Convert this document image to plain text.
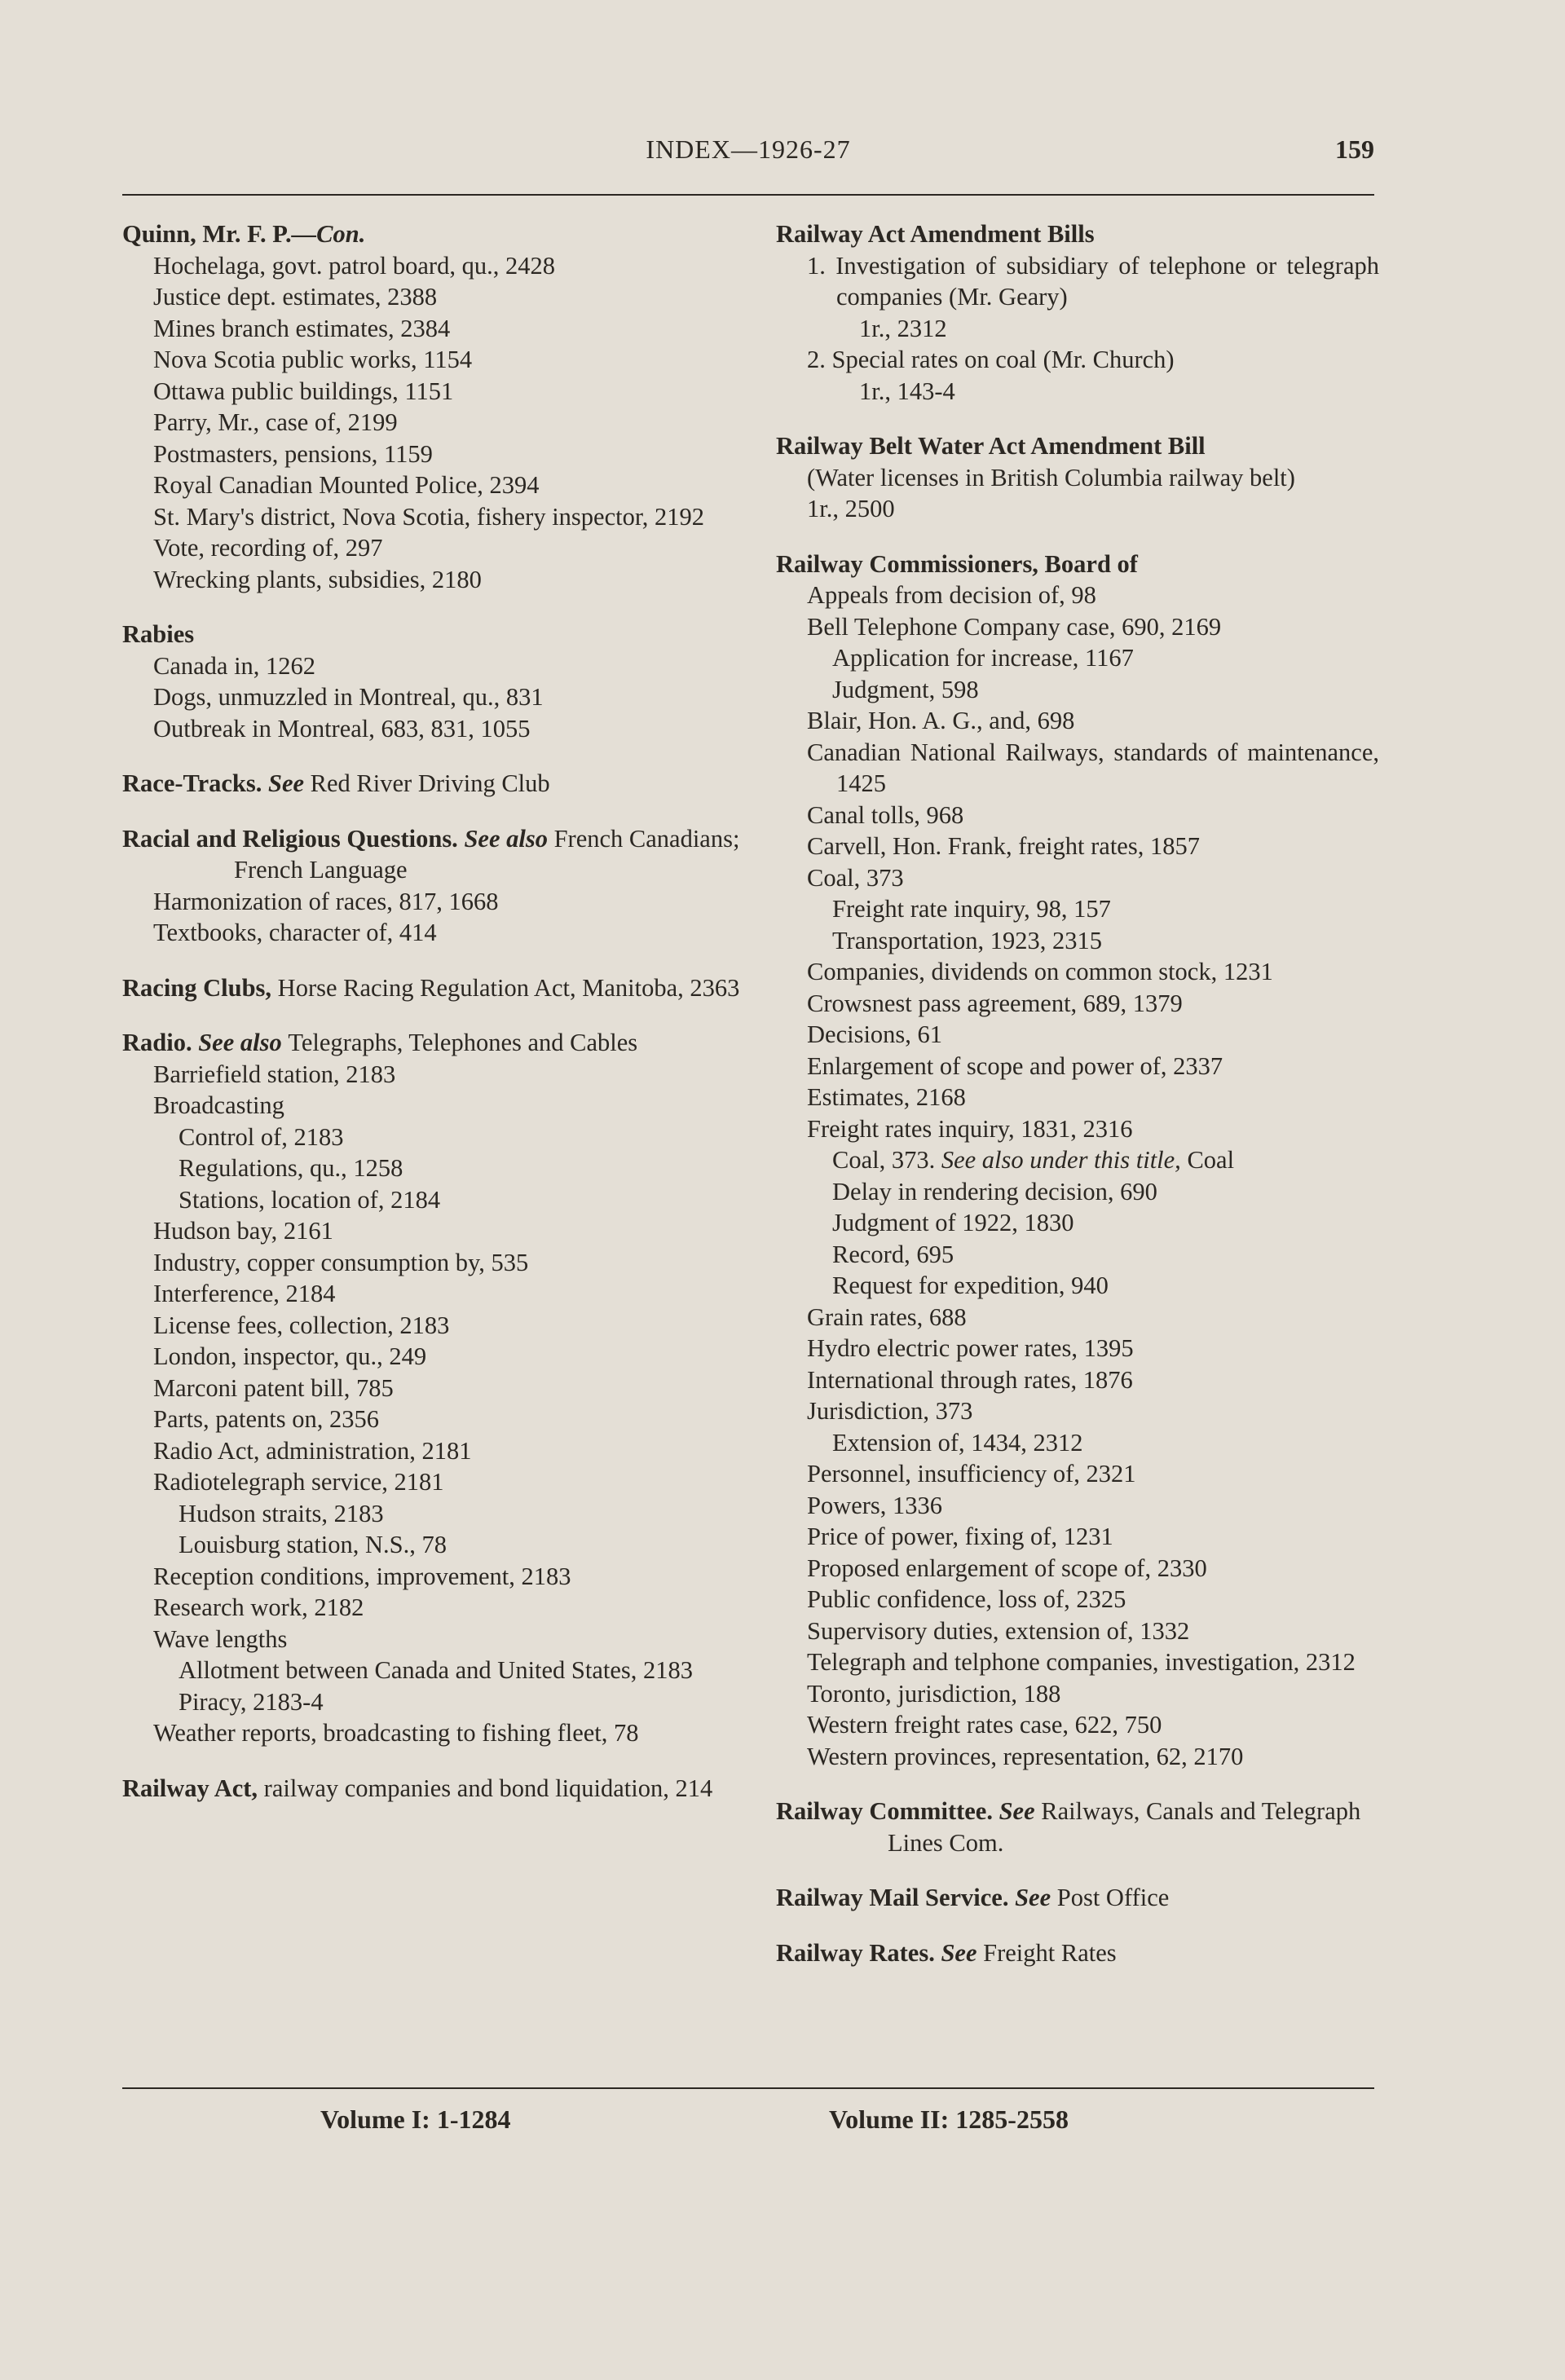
INDEX—1926-27	159
Quinn, Mr. F. P.—Con.
Hochelaga, govt. patrol board, qu., 2428
Justice dept. estimates, 2388
Mines branch estimates, 2384
Nova Scotia public works, 1154
Ottawa public buildings, 1151
Parry, Mr., case of, 2199
Postmasters, pensions, 1159
Royal Canadian Mounted Police, 2394
St. Mary's district, Nova Scotia, fishery inspector, 2192
Vote, recording of, 297
Wrecking plants, subsidies, 2180
Rabies
Canada in, 1262
Dogs, unmuzzled in Montreal, qu., 831
Outbreak in Montreal, 683, 831, 1055
Race-Tracks. See Red River Driving Club
Racial and Religious Questions. See also French Canadians; French Language
Harmonization of races, 817, 1668
Textbooks, character of, 414
Racing Clubs, Horse Racing Regulation Act, Manitoba, 2363
Radio. See also Telegraphs, Telephones and Cables
Barriefield station, 2183
Broadcasting
Control of, 2183
Regulations, qu., 1258
Stations, location of, 2184
Hudson bay, 2161
Industry, copper consumption by, 535
Interference, 2184
License fees, collection, 2183
London, inspector, qu., 249
Marconi patent bill, 785
Parts, patents on, 2356
Radio Act, administration, 2181
Radiotelegraph service, 2181
Hudson straits, 2183
Louisburg station, N.S., 78
Reception conditions, improvement, 2183
Research work, 2182
Wave lengths
Allotment between Canada and United States, 2183
Piracy, 2183-4
Weather reports, broadcasting to fishing fleet, 78
Railway Act, railway companies and bond liquidation, 214
Railway Act Amendment Bills
1. Investigation of subsidiary of telephone or telegraph companies (Mr. Geary)
1r., 2312
2. Special rates on coal (Mr. Church)
1r., 143-4
Railway Belt Water Act Amendment Bill
(Water licenses in British Columbia railway belt)
1r., 2500
Railway Commissioners, Board of
Appeals from decision of, 98
Bell Telephone Company case, 690, 2169
Application for increase, 1167
Judgment, 598
Blair, Hon. A. G., and, 698
Canadian National Railways, standards of maintenance, 1425
Canal tolls, 968
Carvell, Hon. Frank, freight rates, 1857
Coal, 373
Freight rate inquiry, 98, 157
Transportation, 1923, 2315
Companies, dividends on common stock, 1231
Crowsnest pass agreement, 689, 1379
Decisions, 61
Enlargement of scope and power of, 2337
Estimates, 2168
Freight rates inquiry, 1831, 2316
Coal, 373. See also under this title, Coal
Delay in rendering decision, 690
Judgment of 1922, 1830
Record, 695
Request for expedition, 940
Grain rates, 688
Hydro electric power rates, 1395
International through rates, 1876
Jurisdiction, 373
Extension of, 1434, 2312
Personnel, insufficiency of, 2321
Powers, 1336
Price of power, fixing of, 1231
Proposed enlargement of scope of, 2330
Public confidence, loss of, 2325
Supervisory duties, extension of, 1332
Telegraph and telphone companies, investigation, 2312
Toronto, jurisdiction, 188
Western freight rates case, 622, 750
Western provinces, representation, 62, 2170
Railway Committee. See Railways, Canals and Telegraph Lines Com.
Railway Mail Service. See Post Office
Railway Rates. See Freight Rates
Volume I: 1-1284	Volume II: 1285-2558
